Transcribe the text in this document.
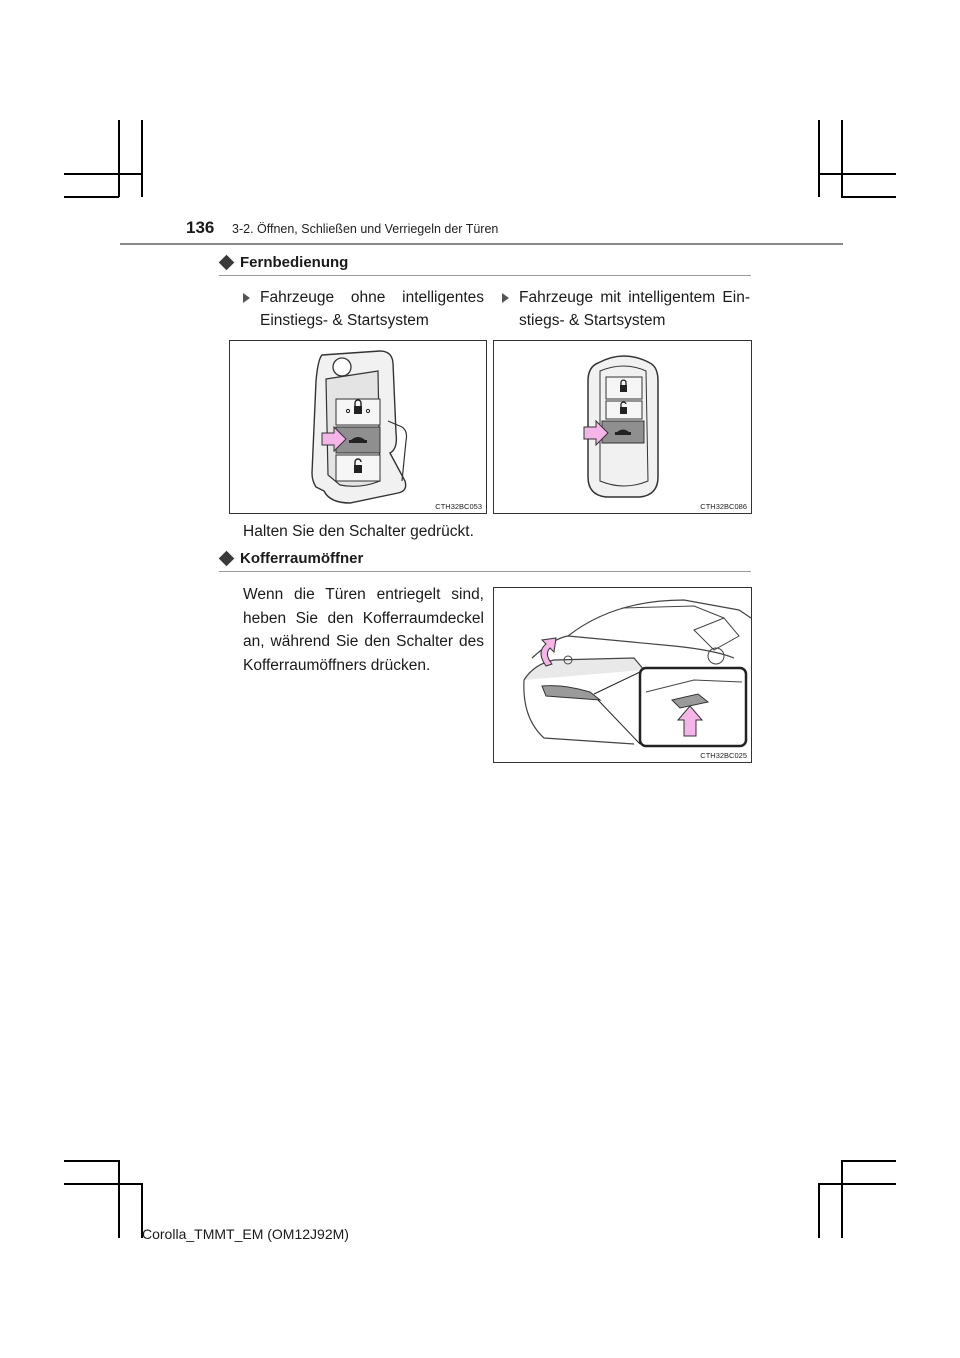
136 3-2. Öffnen, Schließen und Verriegeln der Türen
Fernbedienung
Fahrzeuge ohne intelligentes
Einstiegs- & Startsystem
Fahrzeuge mit intelligentem Ein-
stiegs- & Startsystem
CTH32BC053	CTH32BC086
Halten Sie den Schalter gedrückt.
Kofferraumöffner
Wenn die Türen entriegelt sind,
heben Sie den Kofferraumdeckel
an, während Sie den Schalter des
Kofferraumöffners drücken.
CTH32BC025
Corolla_TMMT_EM (OM12J92M)
